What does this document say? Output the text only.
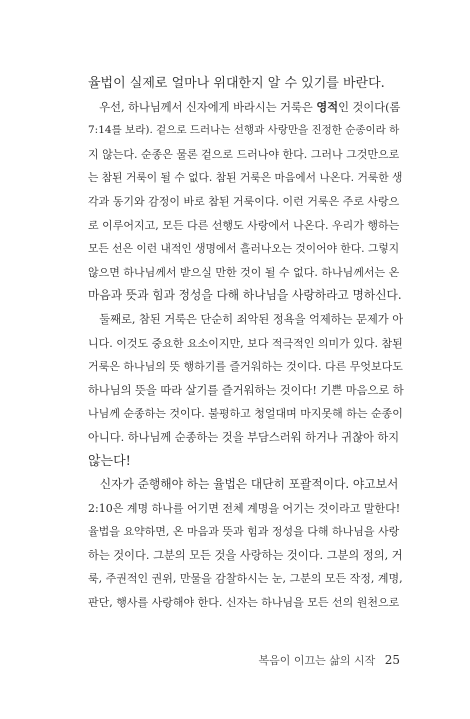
율법이 실제로 얼마나 위대한지 알 수 있기를 바란다.
　우선, 하나님께서 신자에게 바라시는 거룩은 영적인 것이다(롬
7:14를 보라). 겉으로 드러나는 선행과 사랑만을 진정한 순종이라 하
지 않는다. 순종은 물론 겉으로 드러나야 한다. 그러나 그것만으로
는 참된 거룩이 될 수 없다. 참된 거룩은 마음에서 나온다. 거룩한 생
각과 동기와 감정이 바로 참된 거룩이다. 이런 거룩은 주로 사랑으
로 이루어지고, 모든 다른 선행도 사랑에서 나온다. 우리가 행하는
모든 선은 이런 내적인 생명에서 흘러나오는 것이어야 한다. 그렇지
않으면 하나님께서 받으실 만한 것이 될 수 없다. 하나님께서는 온
마음과 뜻과 힘과 정성을 다해 하나님을 사랑하라고 명하신다.
　둘째로, 참된 거룩은 단순히 죄악된 정욕을 억제하는 문제가 아
니다. 이것도 중요한 요소이지만, 보다 적극적인 의미가 있다. 참된
거룩은 하나님의 뜻 행하기를 즐거워하는 것이다. 다른 무엇보다도
하나님의 뜻을 따라 살기를 즐거워하는 것이다! 기쁜 마음으로 하
나님께 순종하는 것이다. 불평하고 청얼대며 마지못해 하는 순종이
아니다. 하나님께 순종하는 것을 부담스러워 하거나 귀찮아 하지
않는다!
　신자가 준행해야 하는 율법은 대단히 포괄적이다. 야고보서
2:10은 계명 하나를 어기면 전체 계명을 어기는 것이라고 말한다!
율법을 요약하면, 온 마음과 뜻과 힘과 정성을 다해 하나님을 사랑
하는 것이다. 그분의 모든 것을 사랑하는 것이다. 그분의 정의, 거
룩, 주권적인 권위, 만물을 감찰하시는 눈, 그분의 모든 작정, 계명,
판단, 행사를 사랑해야 한다. 신자는 하나님을 모든 선의 원천으로
복음이 이끄는 삶의 시작 25
